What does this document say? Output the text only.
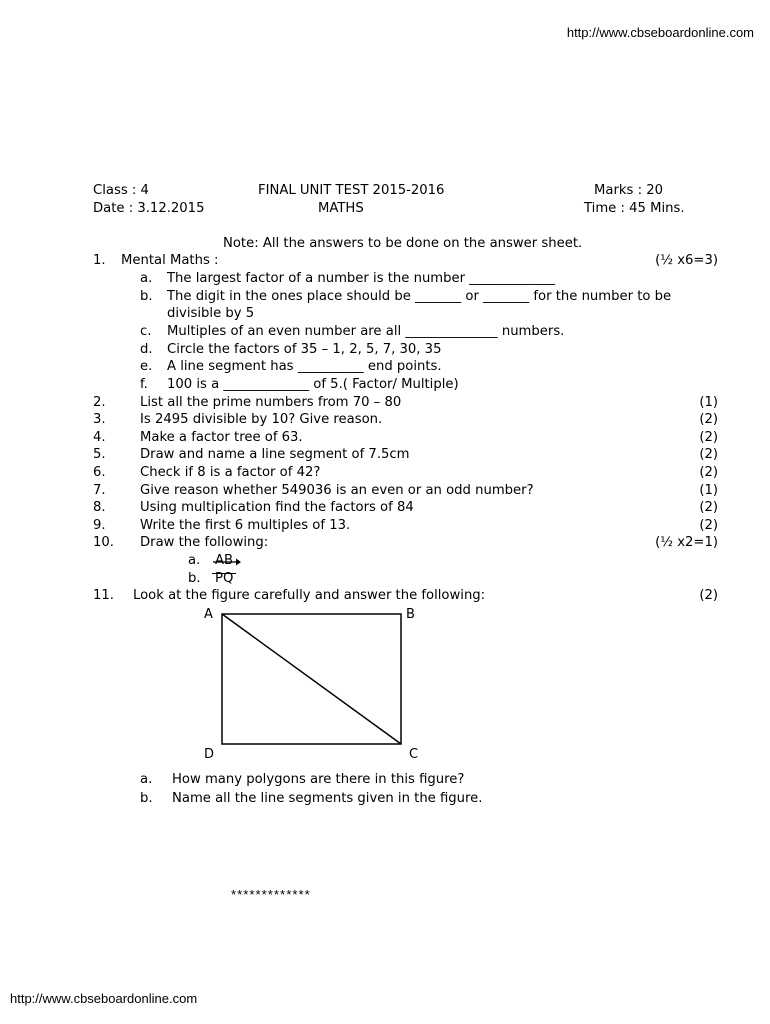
http://www.cbseboardonline.com
http://www.cbseboardonline.com
Class : 4	FINAL UNIT TEST 2015-2016	Marks : 20
Date : 3.12.2015	MATHS	Time : 45 Mins.
Note: All the answers to be done on the answer sheet.
1. Mental Maths :	(½ x6=3)
a. The largest factor of a number is the number _____________
b. The digit in the ones place should be _______ or _______ for the number to be
divisible by 5
c. Multiples of an even number are all ______________ numbers.
d. Circle the factors of 35 – 1, 2, 5, 7, 30, 35
e. A line segment has __________ end points.
f. 100 is a _____________ of 5.( Factor/ Multiple)
2.	List all the prime numbers from 70 – 80	(1)
3.	Is 2495 divisible by 10? Give reason.	(2)
4.	Make a factor tree of 63.	(2)
5.	Draw and name a line segment of 7.5cm	(2)
6.	Check if 8 is a factor of 42?	(2)
7.	Give reason whether 549036 is an even or an odd number?	(1)
8.	Using multiplication find the factors of 84	(2)
9.	Write the first 6 multiples of 13.	(2)
10. Draw the following:	(½ x2=1)
a. AB
b. PQ
11. Look at the figure carefully and answer the following:	(2)
A	B
D	C
a. How many polygons are there in this figure?
b. Name all the line segments given in the figure.
*************
